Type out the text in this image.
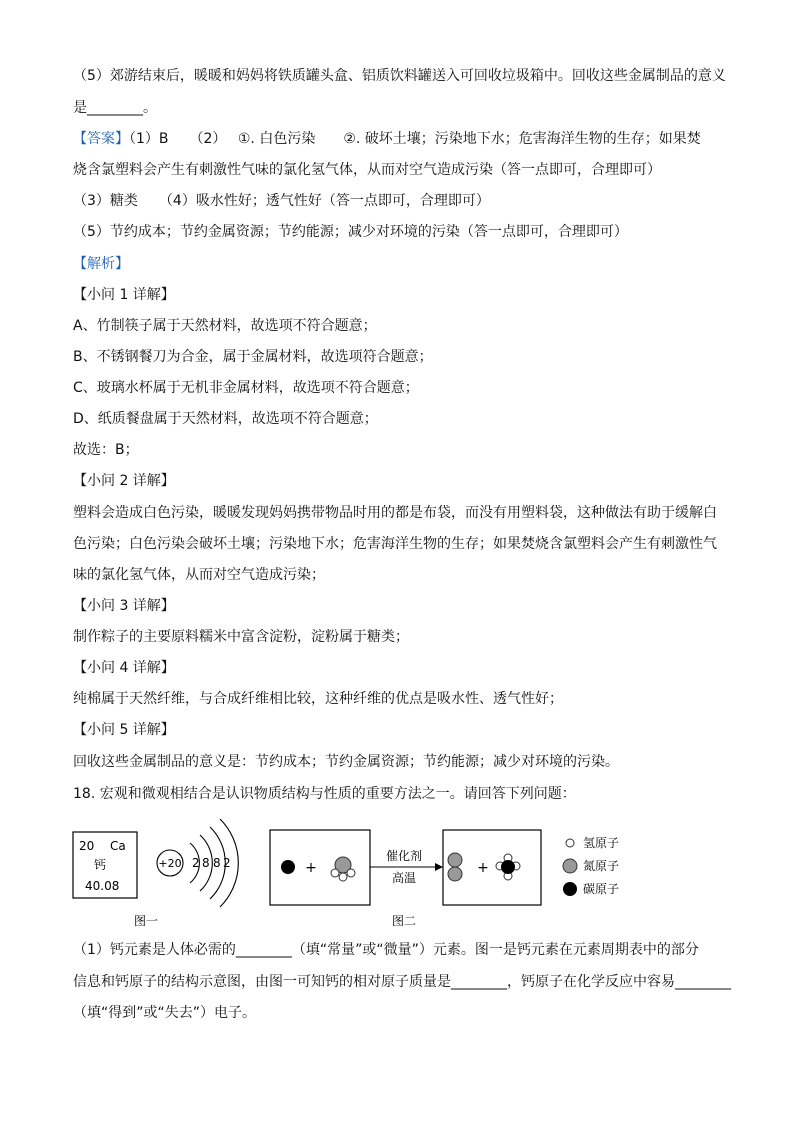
（5）郊游结束后，暖暖和妈妈将铁质罐头盒、铝质饮料罐送入可回收垃圾箱中。回收这些金属制品的意义
是________。
【答案】（1）B　　（2）　 ①. 白色污染　　②. 破坏土壤；污染地下水；危害海洋生物的生存；如果焚
烧含氯塑料会产生有刺激性气味的氯化氢气体，从而对空气造成污染（答一点即可，合理即可）
（3）糖类　　（4）吸水性好；透气性好（答一点即可，合理即可）
（5）节约成本；节约金属资源；节约能源；减少对环境的污染（答一点即可，合理即可）
【解析】
【小问 1 详解】
A、竹制筷子属于天然材料，故选项不符合题意；
B、不锈钢餐刀为合金，属于金属材料，故选项符合题意；
C、玻璃水杯属于无机非金属材料，故选项不符合题意；
D、纸质餐盘属于天然材料，故选项不符合题意；
故选：B；
【小问 2 详解】
塑料会造成白色污染，暖暖发现妈妈携带物品时用的都是布袋，而没有用塑料袋，这种做法有助于缓解白
色污染；白色污染会破坏土壤；污染地下水；危害海洋生物的生存；如果焚烧含氯塑料会产生有刺激性气
味的氯化氢气体，从而对空气造成污染；
【小问 3 详解】
制作粽子的主要原料糯米中富含淀粉，淀粉属于糖类；
【小问 4 详解】
纯棉属于天然纤维，与合成纤维相比较，这种纤维的优点是吸水性、透气性好；
【小问 5 详解】
回收这些金属制品的意义是：节约成本；节约金属资源；节约能源；减少对环境的污染。
18. 宏观和微观相结合是认识物质结构与性质的重要方法之一。请回答下列问题：
20 Ca
钙
40.08
+20 2 8 8 2
图一
+
催化剂
高温
+
氢原子
氮原子
碳原子
图二
（1）钙元素是人体必需的________（填“常量”或“微量”）元素。图一是钙元素在元素周期表中的部分
信息和钙原子的结构示意图，由图一可知钙的相对原子质量是________，钙原子在化学反应中容易________
（填“得到”或“失去”）电子。
